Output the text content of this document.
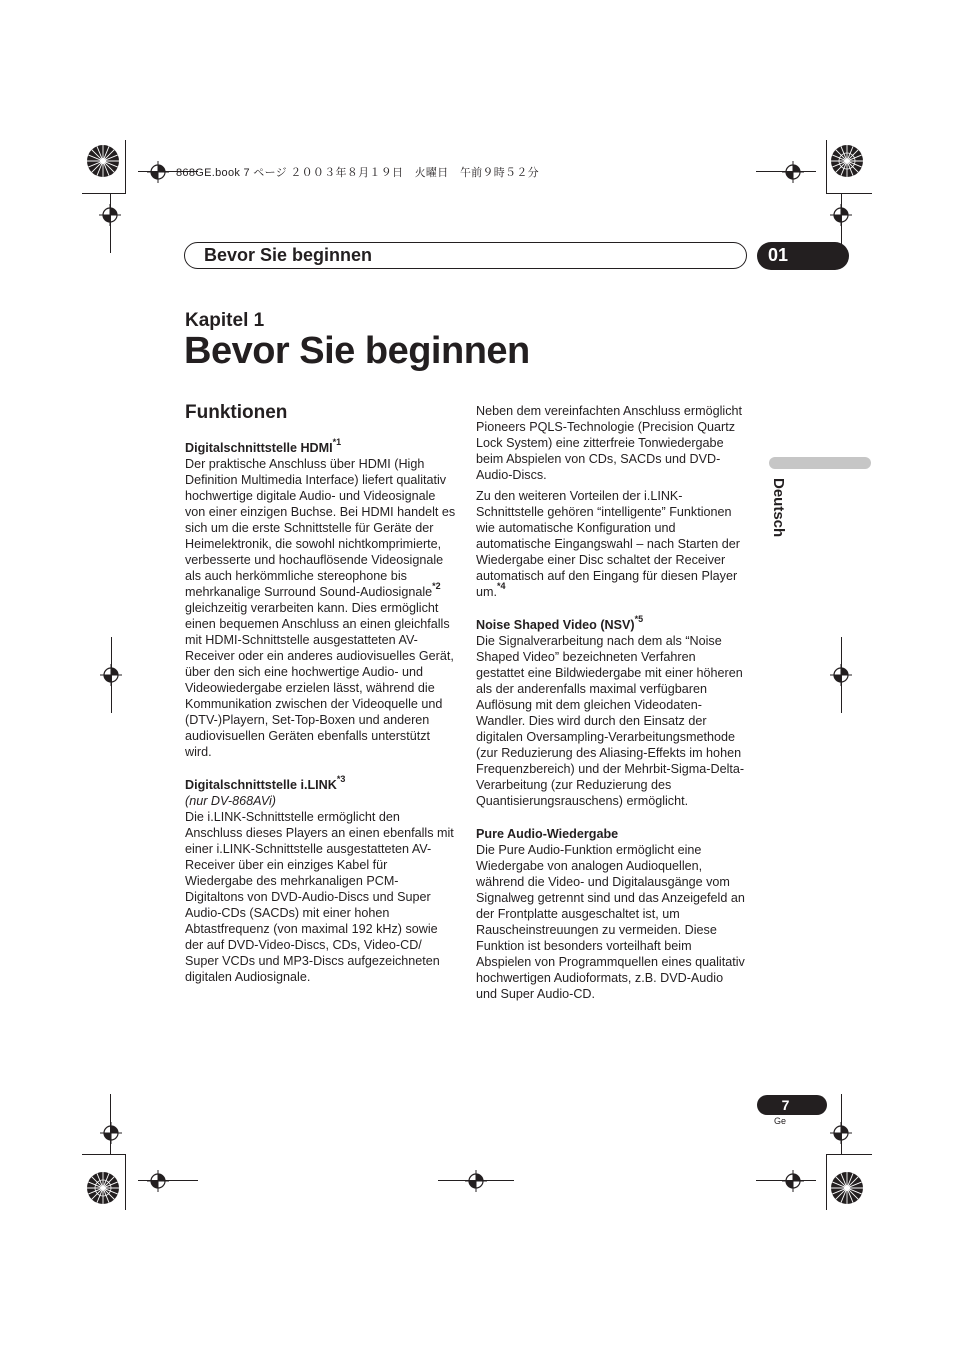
868GE.book 7 ページ ２００３年８月１９日　火曜日　午前９時５２分
Bevor Sie beginnen	01
Kapitel 1
Bevor Sie beginnen
Funktionen
Digitalschnittstelle HDMI$^{*1}$

Der praktische Anschluss über HDMI (High Definition Multimedia Interface) liefert qualitativ hochwertige digitale Audio- und Videosignale von einer einzigen Buchse. Bei HDMI handelt es sich um die erste Schnittstelle für Geräte der Heimelektronik, die sowohl nichtkomprimierte, verbesserte und hochauflösende Videosignale als auch herkömmliche stereophone bis mehrkanalige Surround Sound-Audiosignale$^{*2}$ gleichzeitig verarbeiten kann. Dies ermöglicht einen bequemen Anschluss an einen gleichfalls mit HDMI-Schnittstelle ausgestatteten AV-Receiver oder ein anderes audiovisuelles Gerät, über den sich eine hochwertige Audio- und Videowiedergabe erzielen lässt, während die Kommunikation zwischen der Videoquelle und (DTV-)Playern, Set-Top-Boxen und anderen audiovisuellen Geräten ebenfalls unterstützt wird.

Digitalschnittstelle i.LINK$^{*3}$

(nur DV-868AVi)

Die i.LINK-Schnittstelle ermöglicht den Anschluss dieses Players an einen ebenfalls mit einer i.LINK-Schnittstelle ausgestatteten AV-Receiver über ein einziges Kabel für Wiedergabe des mehrkanaligen PCM-Digitaltons von DVD-Audio-Discs und Super Audio-CDs (SACDs) mit einer hohen Abtastfrequenz (von maximal 192 kHz) sowie der auf DVD-Video-Discs, CDs, Video-CD/ Super VCDs und MP3-Discs aufgezeichneten digitalen Audiosignale.

Neben dem vereinfachten Anschluss ermöglicht Pioneers PQLS-Technologie (Precision Quartz Lock System) eine zitterfreie Tonwiedergabe beim Abspielen von CDs, SACDs und DVD-Audio-Discs.

Zu den weiteren Vorteilen der i.LINK-Schnittstelle gehören “intelligente” Funktionen wie automatische Konfiguration und automatische Eingangswahl – nach Starten der Wiedergabe einer Disc schaltet der Receiver automatisch auf den Eingang für diesen Player um.$^{*4}$

Noise Shaped Video (NSV)$^{*5}$

Die Signalverarbeitung nach dem als “Noise Shaped Video” bezeichneten Verfahren gestattet eine Bildwiedergabe mit einer höheren als der anderenfalls maximal verfügbaren Auflösung mit dem gleichen Videodaten-Wandler. Dies wird durch den Einsatz der digitalen Oversampling-Verarbeitungsmethode (zur Reduzierung des Aliasing-Effekts im hohen Frequenzbereich) und der Mehrbit-Sigma-Delta-Verarbeitung (zur Reduzierung des Quantisierungsrauschens) ermöglicht.

Pure Audio-Wiedergabe

Die Pure Audio-Funktion ermöglicht eine Wiedergabe von analogen Audioquellen, während die Video- und Digitalausgänge vom Signalweg getrennt sind und das Anzeigefeld an der Frontplatte ausgeschaltet ist, um Rauscheinstreuungen zu vermeiden. Diese Funktion ist besonders vorteilhaft beim Abspielen von Programmquellen eines qualitativ hochwertigen Audioformats, z.B. DVD-Audio und Super Audio-CD.

Deutsch
7
Ge
